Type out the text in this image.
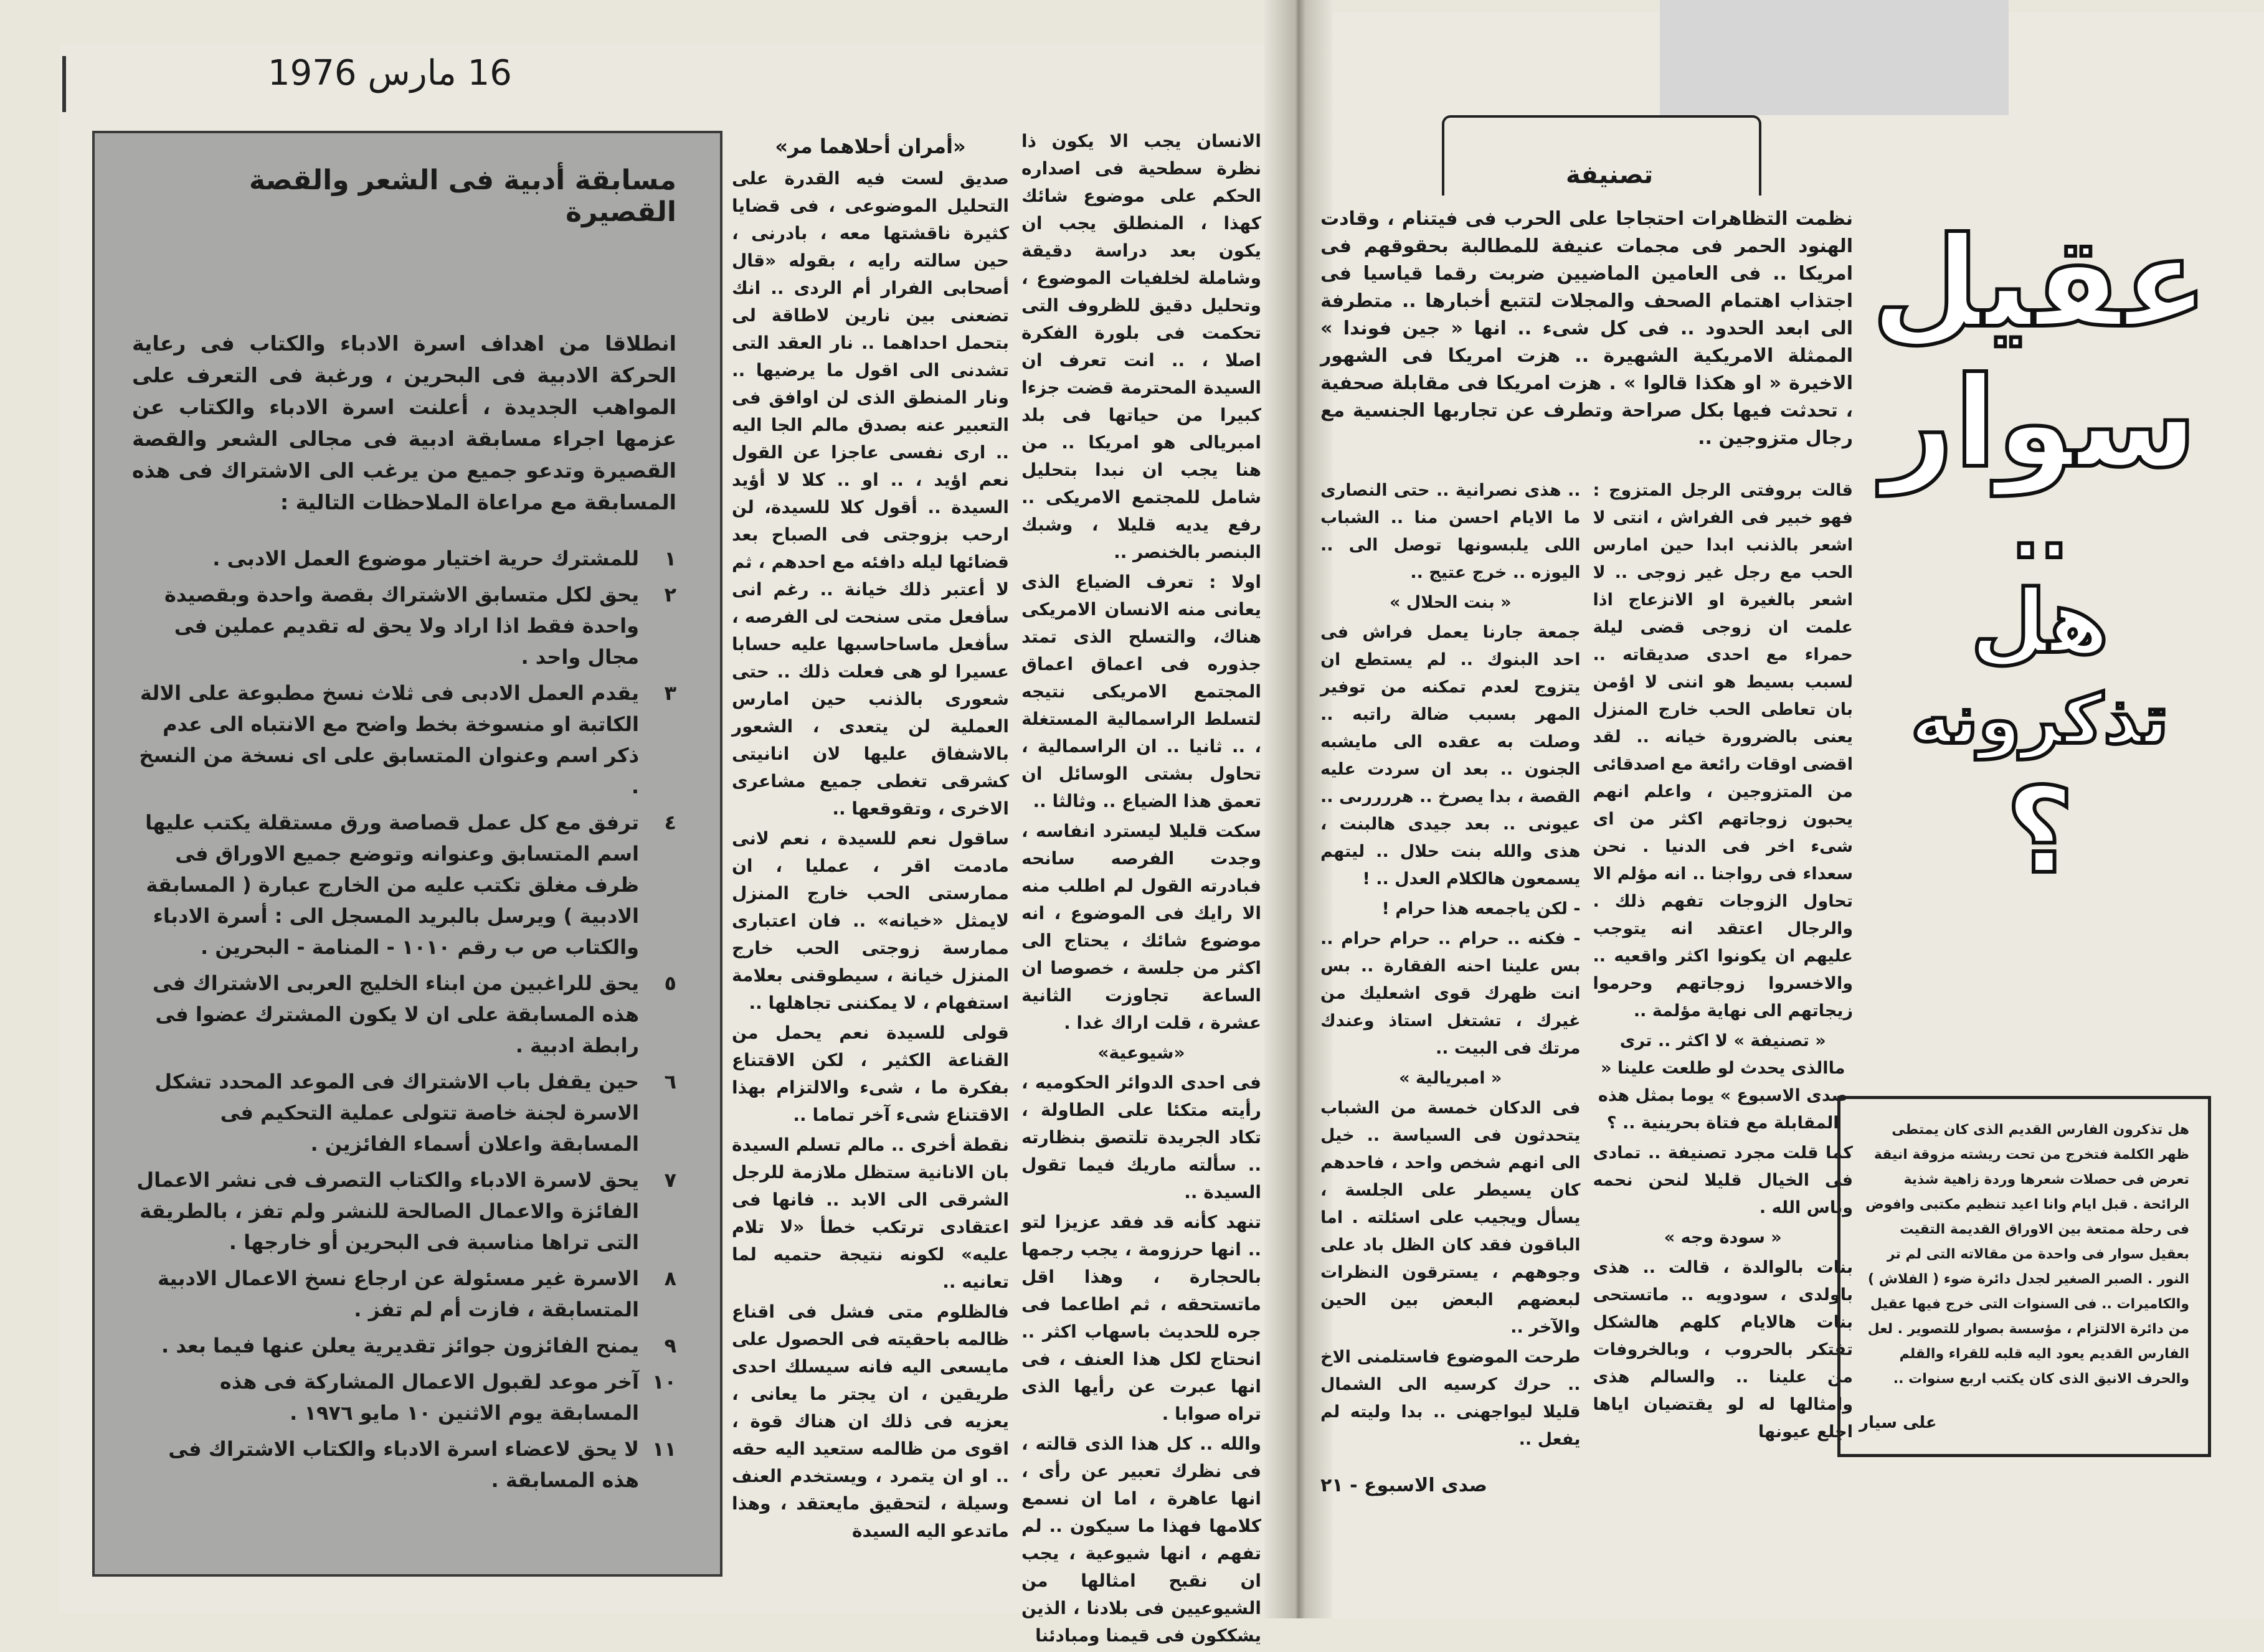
16 مارس 1976
مسابقة أدبية فى الشعر والقصة القصيرة

انطلاقا من اهداف اسرة الادباء والكتاب فى رعاية الحركة الادبية فى البحرين ، ورغبة فى التعرف على المواهب الجديدة ، أعلنت اسرة الادباء والكتاب عن عزمها اجراء مسابقة ادبية فى مجالى الشعر والقصة القصيرة وتدعو جميع من يرغب الى الاشتراك فى هذه المسابقة مع مراعاة الملاحظات التالية :

١
للمشترك حرية اختيار موضوع العمل الادبى .
٢
يحق لكل متسابق الاشتراك بقصة واحدة وبقصيدة واحدة فقط اذا اراد ولا يحق له تقديم عملين فى مجال واحد .
٣
يقدم العمل الادبى فى ثلاث نسخ مطبوعة على الالة الكاتبة او منسوخة بخط واضح مع الانتباه الى عدم ذكر اسم وعنوان المتسابق على اى نسخة من النسخ .
٤
ترفق مع كل عمل قصاصة ورق مستقلة يكتب عليها اسم المتسابق وعنوانه وتوضع جميع الاوراق فى ظرف مغلق تكتب عليه من الخارج عبارة ( المسابقة الادبية ) ويرسل بالبريد المسجل الى : أسرة الادباء والكتاب ص ب رقم ١٠١٠ - المنامة - البحرين .
٥
يحق للراغبين من ابناء الخليج العربى الاشتراك فى هذه المسابقة على ان لا يكون المشترك عضوا فى رابطة ادبية .
٦
حين يقفل باب الاشتراك فى الموعد المحدد تشكل الاسرة لجنة خاصة تتولى عملية التحكيم فى المسابقة واعلان أسماء الفائزين .
٧
يحق لاسرة الادباء والكتاب التصرف فى نشر الاعمال الفائزة والاعمال الصالحة للنشر ولم تفز ، بالطريقة التى تراها مناسبة فى البحرين أو خارجها .
٨
الاسرة غير مسئولة عن ارجاع نسخ الاعمال الادبية المتسابقة ، فازت أم لم تفز .
٩
يمنح الفائزون جوائز تقديرية يعلن عنها فيما بعد .
١٠
آخر موعد لقبول الاعمال المشاركة فى هذه المسابقة يوم الاثنين ١٠ مايو ١٩٧٦ .
١١
لا يحق لاعضاء اسرة الادباء والكتاب الاشتراك فى هذه المسابقة .
«أمران أحلاهما مر»

صديق لست فيه القدرة على التحليل الموضوعى ، فى قضايا كثيرة ناقشتها معه ، بادرنى ، حين سالته رايه ، بقوله «قال أصحابى الفرار أم الردى .. انك تضعنى بين نارين لاطاقة لى بتحمل احداهما .. نار العقد التى تشدنى الى اقول ما يرضيها .. ونار المنطق الذى لن اوافق فى التعبير عنه بصدق مالم الجا اليه .. ارى نفسى عاجزا عن القول نعم اؤيد ، .. او .. كلا لا أؤيد السيدة .. أقول كلا للسيدة، لن ارحب بزوجتى فى الصباح بعد قضائها ليله دافئه مع احدهم ، ثم لا أعتبر ذلك خيانة .. رغم انى سأفعل متى سنحت لى الفرصه ، سأفعل ماساحاسبها عليه حسابا عسيرا لو هى فعلت ذلك .. حتى شعورى بالذنب حين امارس العملية لن يتعدى ، الشعور بالاشفاق عليها لان انانيتى كشرقى تغطى جميع مشاعرى الاخرى ، وتقوقعها ..

ساقول نعم للسيدة ، نعم لانى مادمت اقر ، عمليا ، ان ممارستى الحب خارج المنزل لايمثل «خيانه» .. فان اعتبارى ممارسة زوجتى الحب خارج المنزل خيانة ، سيطوقنى بعلامة استفهام ، لا يمكننى تجاهلها ..

قولى للسيدة نعم يحمل من القناعة الكثير ، لكن الاقتناع بفكرة ما ، شىء والالتزام بهذا الاقتناع شىء آخر تماما ..

نقطة أخرى .. مالم تسلم السيدة بان الانانية ستظل ملازمة للرجل الشرقى الى الابد .. فانها فى اعتقادى ترتكب خطأ «لا تلام عليه» لكونه نتيجة حتميه لما تعانيه ..

فالظلوم متى فشل فى اقناع ظالمه باحقيته فى الحصول على مايسعى اليه فانه سيسلك احدى طريقين ، ان يجتر ما يعانى ، يعزيه فى ذلك ان هناك قوة ، اقوى من ظالمه ستعيد اليه حقه .. او ان يتمرد ، ويستخدم العنف وسيلة ، لتحقيق مايعتقد ، وهذا ماتدعو اليه السيدة

الانسان يجب الا يكون ذا نظرة سطحية فى اصداره الحكم على موضوع شائك كهذا ، المنطلق يجب ان يكون بعد دراسة دقيقة وشاملة لخلفيات الموضوع ، وتحليل دقيق للظروف التى تحكمت فى بلورة الفكرة اصلا ، .. انت تعرف ان السيدة المحترمة قضت جزءا كبيرا من حياتها فى بلد امبريالى هو امريكا .. من هنا يجب ان نبدا بتحليل شامل للمجتمع الامريكى .. رفع يديه قليلا ، وشبك البنصر بالخنصر ..

اولا : تعرف الضياع الذى يعانى منه الانسان الامريكى هناك، والتسلح الذى تمتد جذوره فى اعماق اعماق المجتمع الامريكى نتيجه لتسلط الراسمالية المستغلة ، .. ثانيا .. ان الراسمالية ، تحاول بشتى الوسائل ان تعمق هذا الضياع .. وثالثا ..

سكت قليلا ليسترد انفاسه ، وجدت الفرصه سانحه فبادرته القول لم اطلب منه الا رايك فى الموضوع ، انه موضوع شائك ، يحتاج الى اكثر من جلسة ، خصوصا ان الساعة تجاوزت الثانية عشرة ، قلت اراك غدا .

«شيوعية»

فى احدى الدوائر الحكوميه ، رأيته متكئا على الطاولة ، تكاد الجريدة تلتصق بنظارته .. سألته ماريك فيما تقول السيدة ..

تنهد كأنه قد فقد عزيزا لتو .. انها حرزومة ، يجب رجمها بالحجارة ، وهذا اقل ماتستحقه ، ثم اطاعما فى جره للحديث باسهاب اكثر .. انحتاج لكل هذا العنف ، فى انها عبرت عن رأيها الذى تراه صوابا .

والله .. كل هذا الذى قالته ، فى نظرك تعبير عن رأى ، انها عاهرة ، اما ان نسمع كلامها فهذا ما سيكون .. لم تفهم ، انها شيوعية ، يجب ان نقبح امثالها من الشيوعيين فى بلادنا ، الذين يشككون فى قيمنا ومبادئنا

تصنيفة
نظمت التظاهرات احتجاجا على الحرب فى فيتنام ، وقادت الهنود الحمر فى مجمات عنيفة للمطالبة بحقوقهم فى امريكا .. فى العامين الماضيين ضربت رقما قياسيا فى اجتذاب اهتمام الصحف والمجلات لتتبع أخبارها .. متطرفة الى ابعد الحدود .. فى كل شىء .. انها « جين فوندا » الممثلة الامريكية الشهيرة .. هزت امريكا فى الشهور الاخيرة « او هكذا قالوا » . هزت امريكا فى مقابلة صحفية ، تحدثت فيها بكل صراحة وتطرف عن تجاربها الجنسية مع رجال متزوجين ..

قالت بروفتى الرجل المتزوج : فهو خبير فى الفراش ، انتى لا اشعر بالذنب ابدا حين امارس الحب مع رجل غير زوجى .. لا اشعر بالغيرة او الانزعاج اذا علمت ان زوجى قضى ليلة حمراء مع احدى صديقاته .. لسبب بسيط هو اننى لا اؤمن بان تعاطى الحب خارج المنزل يعنى بالضرورة خيانه .. لقد اقضى اوقات رائعة مع اصدقائى من المتزوجين ، واعلم انهم يحبون زوجاتهم اكثر من اى شىء اخر فى الدنيا . نحن سعداء فى رواجنا .. انه مؤلم الا تحاول الزوجات تفهم ذلك . والرجال اعتقد انه يتوجب عليهم ان يكونوا اكثر واقعيه .. والاخسروا زوجاتهم وحرموا زيجاتهم الى نهاية مؤلمة ..

« تصنيفة » لا اكثر .. ترى ماالذى يحدث لو طلعت علينا « صدى الاسبوع » يوما بمثل هذه المقابلة مع فتاة بحرينية .. ؟

كما قلت مجرد تصنيفة .. تمادى فى الخيال قليلا لنحن نحمه وناس الله .

« سودة وجه »

بنات بالوالدة ، قالت .. هذى باولدى ، سودويه .. ماتستحى بنات هالايام كلهم هالشكل تفتكر بالحروب ، وبالخروفات من علينا .. والسالم هذى وامثالها له لو يقتضيان اياها اجلع عيونها

.. هذى نصرانية .. حتى النصارى ما الايام احسن منا .. الشباب اللى يلبسونها توصل الى .. اليوزه .. خرج عتيج ..

« بنت الحلال »

جمعة جارنا يعمل فراش فى احد البنوك .. لم يستطع ان يتزوج لعدم تمكنه من توفير المهر بسبب ضالة راتبه .. وصلت به عقده الى مايشبه الجنون .. بعد ان سردت عليه القصة ، بدا يصرخ .. هررررىى .. عيونى .. بعد جيدى هالبنت ، هذى والله بنت حلال .. ليتهم يسمعون هالكلام العدل .. !

- لكن ياجمعه هذا حرام !

- فكنه .. حرام .. حرام حرام .. بس علينا احنه الفقارة .. بس انت ظهرك قوى اشعليك من غيرك ، تشتغل استاذ وعندك مرتك فى البيت ..

« امبريالية »

فى الدكان خمسة من الشباب يتحدثون فى السياسة .. خيل الى انهم شخص واحد ، فاحدهم كان يسيطر على الجلسة ، يسأل ويجيب على اسئلته . اما الباقون فقد كان الظل باد على وجوههم ، يسترقون النظرات لبعضهم البعض بين الحين والآخر ..

طرحت الموضوع فاستلمنى الاخ .. حرك كرسيه الى الشمال قليلا ليواجهنى .. بدا وليته لم يفعل ..

صدى الاسبوع - ٢١
عقيل
سوار
..
هل
تذكرونه
؟
هل تذكرون الفارس القديم الذى كان يمتطى ظهر الكلمة فتخرج من تحت ريشته مزوقة انيقة تعرض فى حصلات شعرها وردة زاهية شذية الرائحة . قبل ايام وانا اعيد تنظيم مكتبى وافوض فى رحلة ممتعة بين الاوراق القديمة التقيت بعقيل سوار فى واحدة من مقالاته التى لم تر النور . الصبر الصغير لجدل دائرة ضوء ( الفلاش ) والكاميرات .. فى السنوات التى خرج فيها عقيل من دائرة الالتزام ، مؤسسة بصوار للتصوير . لعل الفارس القديم يعود اليه قلبه للقراء والقلم والحرف الانيق الذى كان يكتب اربع سنوات ..
على سيار
